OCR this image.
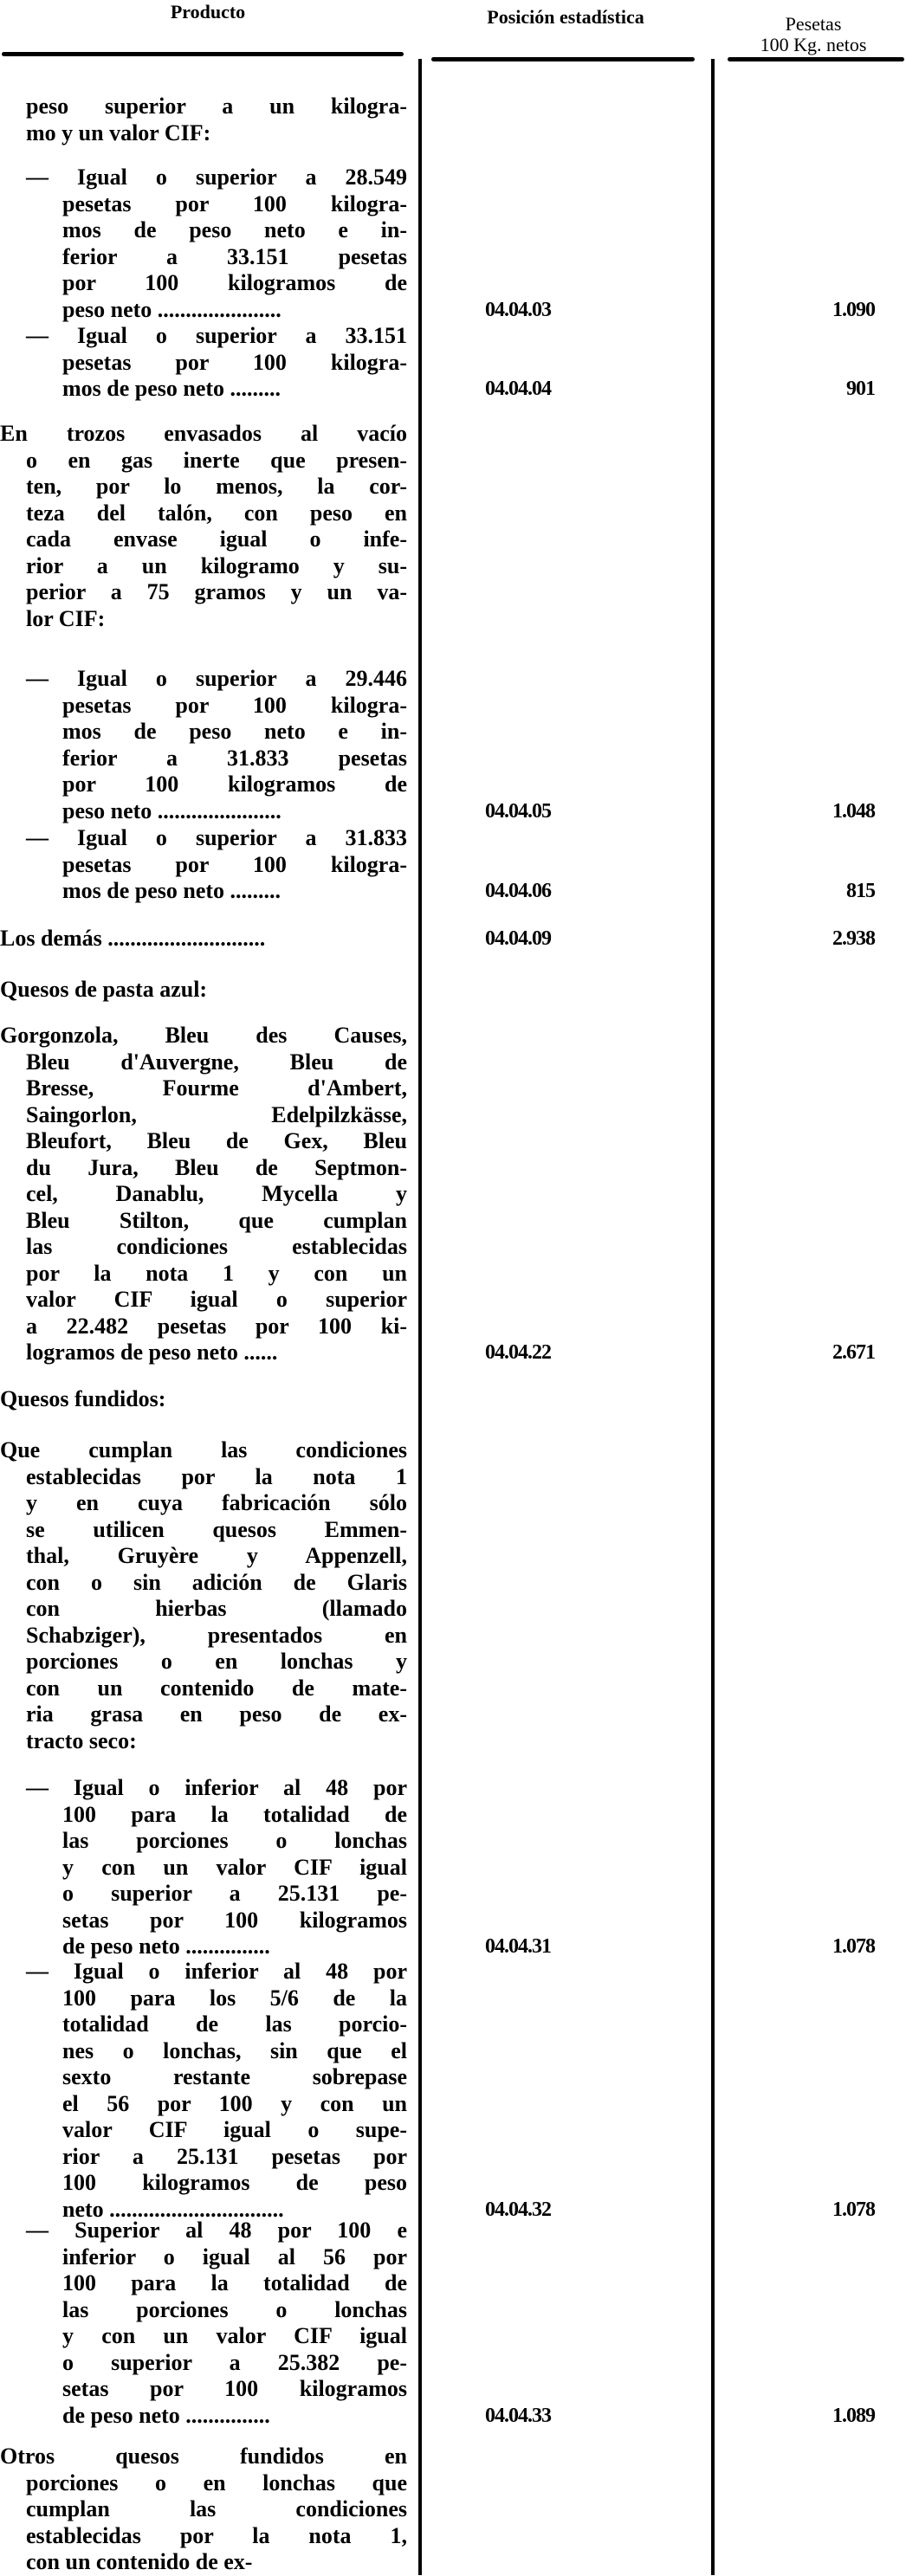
Producto	Posición estadística	Pesetas
100 Kg. netos
peso superior a un kilogra-
mo y un valor CIF:
— Igual o superior a 28.549
pesetas por 100 kilogra-
mos de peso neto e in-
ferior a 33.151 pesetas
por 100 kilogramos de
peso neto ......................	04.04.03	1.090
— Igual o superior a 33.151
pesetas por 100 kilogra-
mos de peso neto .........	04.04.04	901
En trozos envasados al vacío
o en gas inerte que presen-
ten, por lo menos, la cor-
teza del talón, con peso en
cada envase igual o infe-
rior a un kilogramo y su-
perior a 75 gramos y un va-
lor CIF:
— Igual o superior a 29.446
pesetas por 100 kilogra-
mos de peso neto e in-
ferior a 31.833 pesetas
por 100 kilogramos de
peso neto ......................	04.04.05	1.048
— Igual o superior a 31.833
pesetas por 100 kilogra-
mos de peso neto .........	04.04.06	815
Los demás ............................	04.04.09	2.938
Quesos de pasta azul:
Gorgonzola, Bleu des Causes,
Bleu d'Auvergne, Bleu de
Bresse, Fourme d'Ambert,
Saingorlon, Edelpilzkässe,
Bleufort, Bleu de Gex, Bleu
du Jura, Bleu de Septmon-
cel, Danablu, Mycella y
Bleu Stilton, que cumplan
las condiciones establecidas
por la nota 1 y con un
valor CIF igual o superior
a 22.482 pesetas por 100 ki-
logramos de peso neto ......	04.04.22	2.671
Quesos fundidos:
Que cumplan las condiciones
establecidas por la nota 1
y en cuya fabricación sólo
se utilicen quesos Emmen-
thal, Gruyère y Appenzell,
con o sin adición de Glaris
con hierbas (llamado
Schabziger), presentados en
porciones o en lonchas y
con un contenido de mate-
ria grasa en peso de ex-
tracto seco:
— Igual o inferior al 48 por
100 para la totalidad de
las porciones o lonchas
y con un valor CIF igual
o superior a 25.131 pe-
setas por 100 kilogramos
de peso neto ...............	04.04.31	1.078
— Igual o inferior al 48 por
100 para los 5/6 de la
totalidad de las porcio-
nes o lonchas, sin que el
sexto restante sobrepase
el 56 por 100 y con un
valor CIF igual o supe-
rior a 25.131 pesetas por
100 kilogramos de peso
neto ...............................	04.04.32	1.078
— Superior al 48 por 100 e
inferior o igual al 56 por
100 para la totalidad de
las porciones o lonchas
y con un valor CIF igual
o superior a 25.382 pe-
setas por 100 kilogramos
de peso neto ...............	04.04.33	1.089
Otros quesos fundidos en
porciones o en lonchas que
cumplan las condiciones
establecidas por la nota 1,
con un contenido de ex-
